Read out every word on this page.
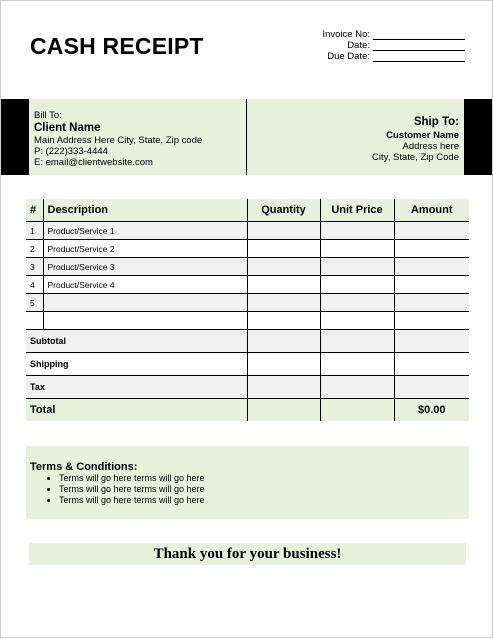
CASH RECEIPT	Invoice No:
Date:
Due Date:
Bill To:
Client Name
Main Address Here City, State, Zip code
P: (222)333-4444
E: email@clientwebsite.com
Ship To:
Customer Name
Address here
City, State, Zip Code
#	Description	Quantity	Unit Price	Amount
1	Product/Service 1			
2	Product/Service 2			
3	Product/Service 3			
4	Product/Service 4			
5				

Subtotal				
Shipping				
Tax				
Total				$0.00
Terms & Conditions:
• Terms will go here terms will go here
• Terms will go here terms will go here
• Terms will go here terms will go here
Thank you for your business!
